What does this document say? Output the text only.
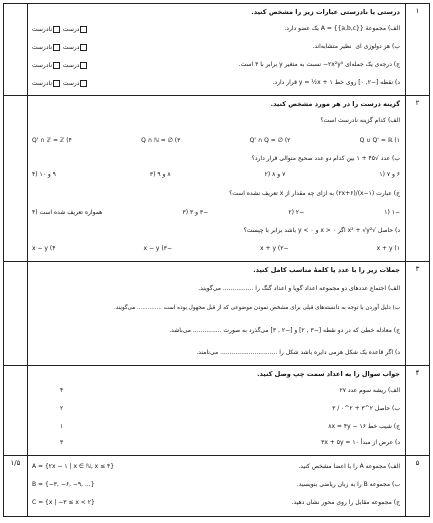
۱
درستی یا نادرستی عبارات زیر را مشخص کنید.
الف) مجموعهٔ A = {{a,b,c}} یک عضو دارد.
ب) هر دولوزی ‌ای ‌ نظیر متشابه‌اند.
ج) درجه‌ی یک جمله‌ای ‎−۲x²y⁵‎ نسبت به متغیر y برابر با ۳ است.
د) نقطه [−۲, ۰] روی خط y = ½x + ۱ قرار دارد.
درست نادرست
درست نادرست
درست نادرست
درست نادرست
۲
گزینه درست را در هر مورد مشخص کنید.
الف) کدام گزینه نادرست است؟
Q ∪ Q' = ℝ (۱
Q' ∩ Q = ∅ (۲
Q ∩ ℕ = ∅ (۳
Q' ∩ ℤ = ℤ (۴
ب) عدد √۴۵ + ۱ بین کدام دو عدد صحیح متوالی قرار دارد؟
۶ و ۷ (۱
۷ و ۸ (۲
۸ و ۹ (۳
۹ و ۱۰ (۴
ج) عبارت (x−۱)/(۲x+۶) به ازای چه مقدار از x تعریف نشده است؟
−۱ (۱
−۲ (۲
−۳ و ۳ (۳
همواره تعریف شده است (۴
د) حاصل √x² + √y² اگر x > ۰ و y < ۰ باشد برابر با چیست؟
x + y (۱
−x + y (۲
−x − y (۳
x − y (۴
۳
جملات زیر را با عدد یا کلمهٔ مناسب کامل کنید.
الف) اجتماع عددهای دو مجموعه اعداد گویا و اعداد گنگ را ................ می‌گویند.
ب) دلیل آوردن با توجه به دانسته‌های قبلی برای مشخص نمودن موضوعی که از قبل مجهول بوده است .............. می‌گویند.
ج) معادله خطی که در دو نقطه [−۳ , ۲] و [−۲ , ۳] می‌گذرد به صورت ............... می‌باشد.
د) اگر قاعده یک شکل هرمی دایره باشد شکل را .............................. می‌نامند.
۴
جواب سوال را به اعداد سمت چپ وصل کنید.
الف) ریشه سوم عدد ۲۷
۴
ب) حاصل ۲^۳ + ۲^۰ / ۳
۲
ج) شیب خط ۱۶ − ۸x = ۴y
۱
د) عرض از مبدأ ۱۰ = ۳x + ۵y
۳
۵
۱/۵	الف) مجموعه A را با اعضا مشخص کنید.
ب) مجموعه B را به زبان ریاضی بنویسید.
ج) مجموعه مقابل را روی محور نشان دهید.
A = {۲x − ۱ | x ∈ ℕ, x ≤ ۴}
B = {−۳, −۶, −۹, ...}
C = {x | −۳ ≤ x < ۲}
